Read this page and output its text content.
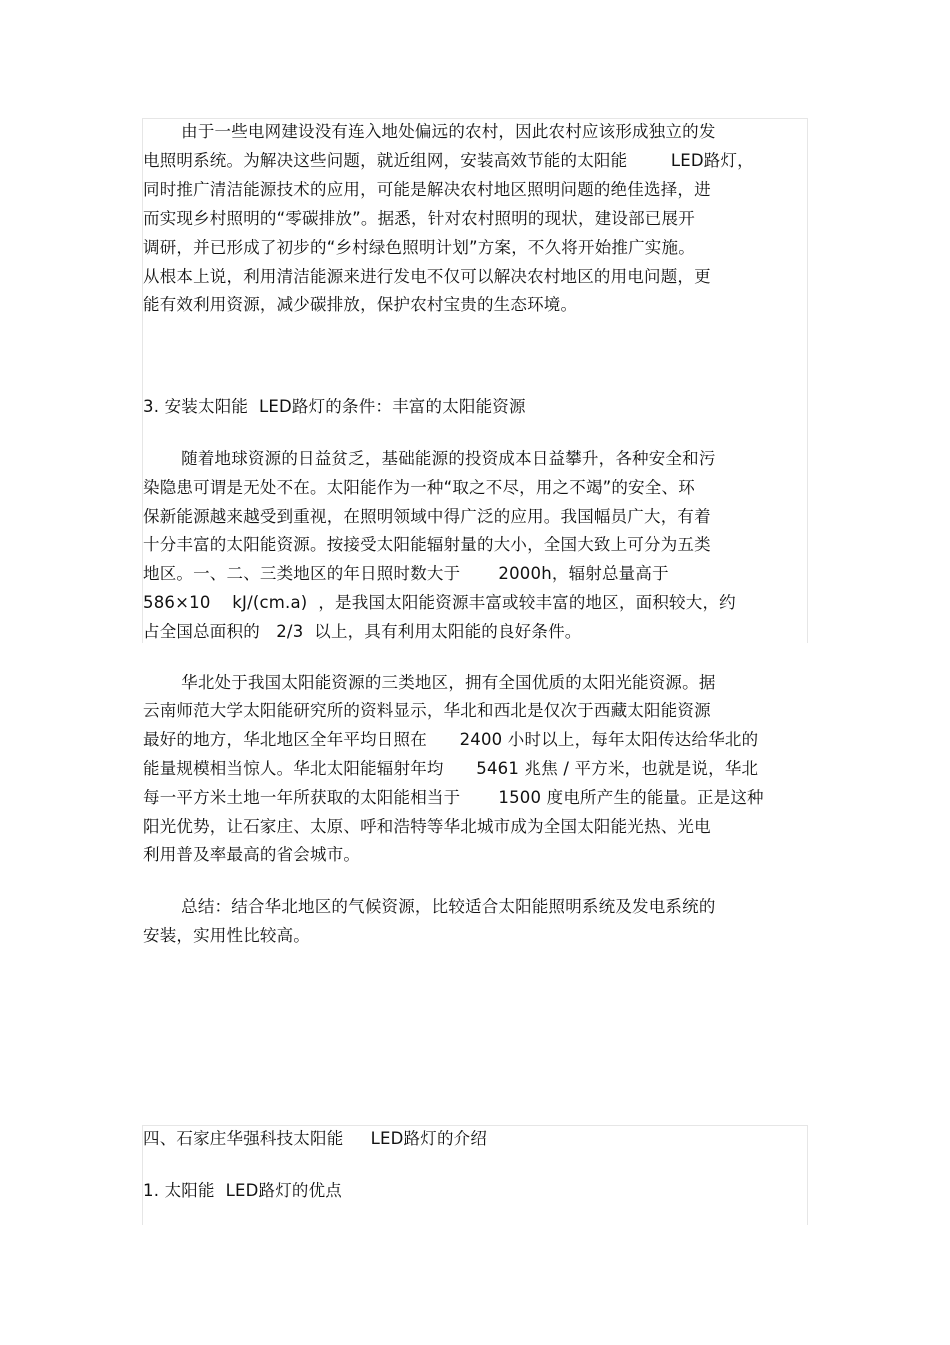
由于一些电网建设没有连入地处偏远的农村，因此农村应该形成独立的发
电照明系统。为解决这些问题，就近组网，安装高效节能的太阳能        LED路灯，
同时推广清洁能源技术的应用，可能是解决农村地区照明问题的绝佳选择，进
而实现乡村照明的“零碳排放”。据悉，针对农村照明的现状，建设部已展开
调研，并已形成了初步的“乡村绿色照明计划”方案，不久将开始推广实施。
从根本上说，利用清洁能源来进行发电不仅可以解决农村地区的用电问题，更
能有效利用资源，减少碳排放，保护农村宝贵的生态环境。
3. 安装太阳能  LED路灯的条件：丰富的太阳能资源
随着地球资源的日益贫乏，基础能源的投资成本日益攀升，各种安全和污
染隐患可谓是无处不在。太阳能作为一种“取之不尽，用之不竭”的安全、环
保新能源越来越受到重视，在照明领域中得广泛的应用。我国幅员广大，有着
十分丰富的太阳能资源。按接受太阳能辐射量的大小，全国大致上可分为五类
地区。一、二、三类地区的年日照时数大于       2000h，辐射总量高于
586×10    kJ/(cm.a)  ，是我国太阳能资源丰富或较丰富的地区，面积较大，约
占全国总面积的   2/3  以上，具有利用太阳能的良好条件。
华北处于我国太阳能资源的三类地区，拥有全国优质的太阳光能资源。据
云南师范大学太阳能研究所的资料显示，华北和西北是仅次于西藏太阳能资源
最好的地方，华北地区全年平均日照在      2400 小时以上，每年太阳传达给华北的
能量规模相当惊人。华北太阳能辐射年均      5461 兆焦 / 平方米，也就是说，华北
每一平方米土地一年所获取的太阳能相当于       1500 度电所产生的能量。正是这种
阳光优势，让石家庄、太原、呼和浩特等华北城市成为全国太阳能光热、光电
利用普及率最高的省会城市。
总结：结合华北地区的气候资源，比较适合太阳能照明系统及发电系统的
安装，实用性比较高。
四、石家庄华强科技太阳能     LED路灯的介绍
1. 太阳能  LED路灯的优点
